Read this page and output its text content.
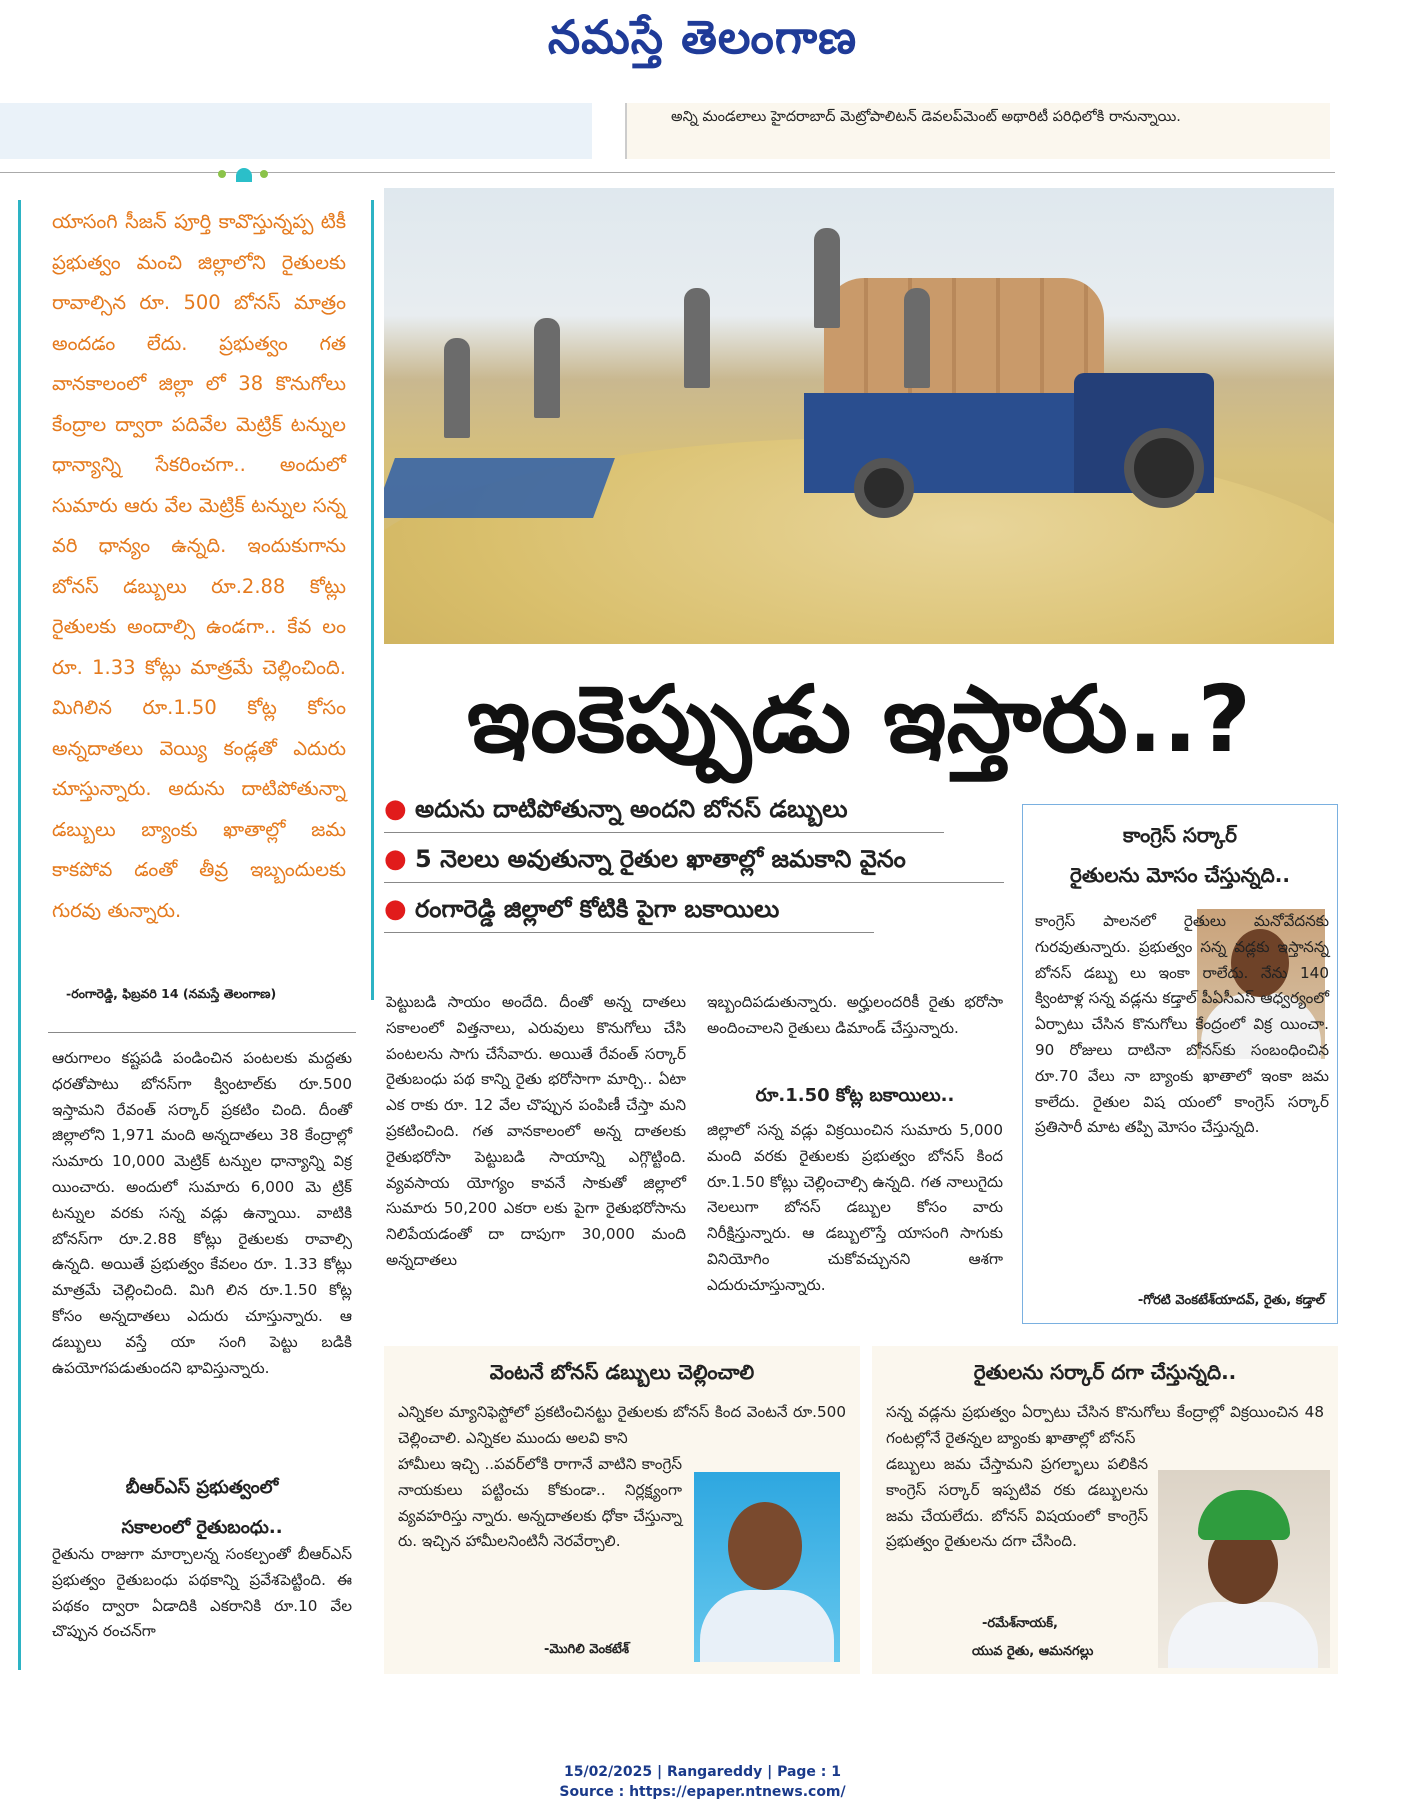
నమస్తే తెలంగాణ
అన్ని మండలాలు హైదరాబాద్ మెట్రోపాలిటన్ డెవలప్‌మెంట్ అథారిటీ పరిధిలోకి రానున్నాయి.
యాసంగి సీజన్ పూర్తి కావొస్తున్నప్ప టికీ ప్రభుత్వం మంచి జిల్లాలోని రైతులకు రావాల్సిన రూ. 500 బోనస్ మాత్రం అందడం లేదు. ప్రభుత్వం గత వానకాలంలో జిల్లా లో 38 కొనుగోలు కేంద్రాల ద్వారా పదివేల మెట్రిక్ టన్నుల ధాన్యాన్ని సేకరించగా.. అందులో సుమారు ఆరు వేల మెట్రిక్ టన్నుల సన్న వరి ధాన్యం ఉన్నది. ఇందుకుగాను బోనస్ డబ్బులు రూ.2.88 కోట్లు రైతులకు అందాల్సి ఉండగా.. కేవ లం రూ. 1.33 కోట్లు మాత్రమే చెల్లించింది. మిగిలిన రూ.1.50 కోట్ల కోసం అన్నదాతలు వెయ్యి కండ్లతో ఎదురు చూస్తున్నారు. అదును దాటిపోతున్నా డబ్బులు బ్యాంకు ఖాతాల్లో జమ కాకపోవ డంతో తీవ్ర ఇబ్బందులకు గురవు తున్నారు.
-రంగారెడ్డి, ఫిబ్రవరి 14 (నమస్తే తెలంగాణ)
ఆరుగాలం కష్టపడి పండించిన పంటలకు మద్దతు ధరతోపాటు బోనస్‌గా క్వింటాల్‌కు రూ.500 ఇస్తామని రేవంత్ సర్కార్ ప్రకటిం చింది. దీంతో జిల్లాలోని 1,971 మంది అన్నదాతలు 38 కేంద్రాల్లో సుమారు 10,000 మెట్రిక్ టన్నుల ధాన్యాన్ని విక్ర యించారు. అందులో సుమారు 6,000 మె ట్రిక్ టన్నుల వరకు సన్న వడ్లు ఉన్నాయి. వాటికి బోనస్‌గా రూ.2.88 కోట్లు రైతులకు రావాల్సి ఉన్నది. అయితే ప్రభుత్వం కేవలం రూ. 1.33 కోట్లు మాత్రమే చెల్లించింది. మిగి లిన రూ.1.50 కోట్ల కోసం అన్నదాతలు ఎదురు చూస్తున్నారు. ఆ డబ్బులు వస్తే యా సంగి పెట్టు బడికి ఉపయోగపడుతుందని భావిస్తున్నారు.
బీఆర్‌ఎస్ ప్రభుత్వంలో
సకాలంలో రైతుబంధు..
రైతును రాజుగా మార్చాలన్న సంకల్పంతో బీఆర్‌ఎస్ ప్రభుత్వం రైతుబంధు పథకాన్ని ప్రవేశపెట్టింది. ఈ పథకం ద్వారా ఏడాదికి ఎకరానికి రూ.10 వేల చొప్పున రంచన్‌గా
ఇంకెప్పుడు ఇస్తారు..?
● అదును దాటిపోతున్నా అందని బోనస్ డబ్బులు
● 5 నెలలు అవుతున్నా రైతుల ఖాతాల్లో జమకాని వైనం
● రంగారెడ్డి జిల్లాలో కోటికి పైగా బకాయిలు
పెట్టుబడి సాయం అందేది. దీంతో అన్న దాతలు సకాలంలో విత్తనాలు, ఎరువులు కొనుగోలు చేసి పంటలను సాగు చేసేవారు. అయితే రేవంత్ సర్కార్ రైతుబంధు పథ కాన్ని రైతు భరోసాగా మార్చి.. ఏటా ఎక రాకు రూ. 12 వేల చొప్పున పంపిణీ చేస్తా మని ప్రకటించింది. గత వానకాలంలో అన్న దాతలకు రైతుభరోసా పెట్టుబడి సాయాన్ని ఎగ్గొట్టింది. వ్యవసాయ యోగ్యం కావనే సాకుతో జిల్లాలో సుమారు 50,200 ఎకరా లకు పైగా రైతుభరోసాను నిలిపేయడంతో దా దాపుగా 30,000 మంది అన్నదాతలు
ఇబ్బందిపడుతున్నారు. అర్హులందరికీ రైతు భరోసా అందించాలని రైతులు డిమాండ్ చేస్తున్నారు.
రూ.1.50 కోట్ల బకాయిలు..
జిల్లాలో సన్న వడ్లు విక్రయించిన సుమారు 5,000 మంది వరకు రైతులకు ప్రభుత్వం బోనస్ కింద రూ.1.50 కోట్లు చెల్లించాల్సి ఉన్నది. గత నాలుగైదు నెలలుగా బోనస్ డబ్బుల కోసం వారు నిరీక్షిస్తున్నారు. ఆ డబ్బులొస్తే యాసంగి సాగుకు వినియోగిం చుకోవచ్చునని ఆశగా ఎదురుచూస్తున్నారు.
కాంగ్రెస్ సర్కార్
రైతులను మోసం చేస్తున్నది..
కాంగ్రెస్ పాలనలో రైతులు మనోవేదనకు గురవుతున్నారు. ప్రభుత్వం సన్న వడ్లకు ఇస్తానన్న బోనస్ డబ్బు లు ఇంకా రాలేదు. నేను 140 క్వింటాళ్ల సన్న వడ్లను కడ్తాల్ పీఏసీఎస్ ఆధ్వర్యంలో ఏర్పాటు చేసిన కొనుగోలు కేంద్రంలో విక్ర యించా. 90 రోజులు దాటినా బోనస్‌కు సంబంధించిన రూ.70 వేలు నా బ్యాంకు ఖాతాలో ఇంకా జమ కాలేదు. రైతుల విష యంలో కాంగ్రెస్ సర్కార్ ప్రతిసారీ మాట తప్పి మోసం చేస్తున్నది.
-గోరటి వెంకటేశ్‌యాదవ్, రైతు, కడ్తాల్
వెంటనే బోనస్ డబ్బులు చెల్లించాలి
ఎన్నికల మ్యానిఫెస్టోలో ప్రకటించినట్టు రైతులకు బోనస్ కింద వెంటనే రూ.500 చెల్లించాలి. ఎన్నికల ముందు అలవి కాని
హామీలు ఇచ్చి ..పవర్‌లోకి రాగానే వాటిని కాంగ్రెస్ నాయకులు పట్టించు కోకుండా.. నిర్లక్ష్యంగా వ్యవహరిస్తు న్నారు. అన్నదాతలకు ధోకా చేస్తున్నా రు. ఇచ్చిన హామీలనింటినీ నెరవేర్చాలి.
-మొగిలి వెంకటేశ్
రైతులను సర్కార్ దగా చేస్తున్నది..
సన్న వడ్లను ప్రభుత్వం ఏర్పాటు చేసిన కొనుగోలు కేంద్రాల్లో విక్రయించిన 48 గంటల్లోనే రైతన్నల బ్యాంకు ఖాతాల్లో బోనస్
డబ్బులు జమ చేస్తామని ప్రగల్భాలు పలికిన కాంగ్రెస్ సర్కార్ ఇప్పటివ రకు డబ్బులను జమ చేయలేదు. బోనస్ విషయంలో కాంగ్రెస్ ప్రభుత్వం రైతులను దగా చేసింది.
-రమేశ్‌నాయక్,
యువ రైతు, ఆమనగల్లు
15/02/2025 | Rangareddy | Page : 1
Source : https://epaper.ntnews.com/
